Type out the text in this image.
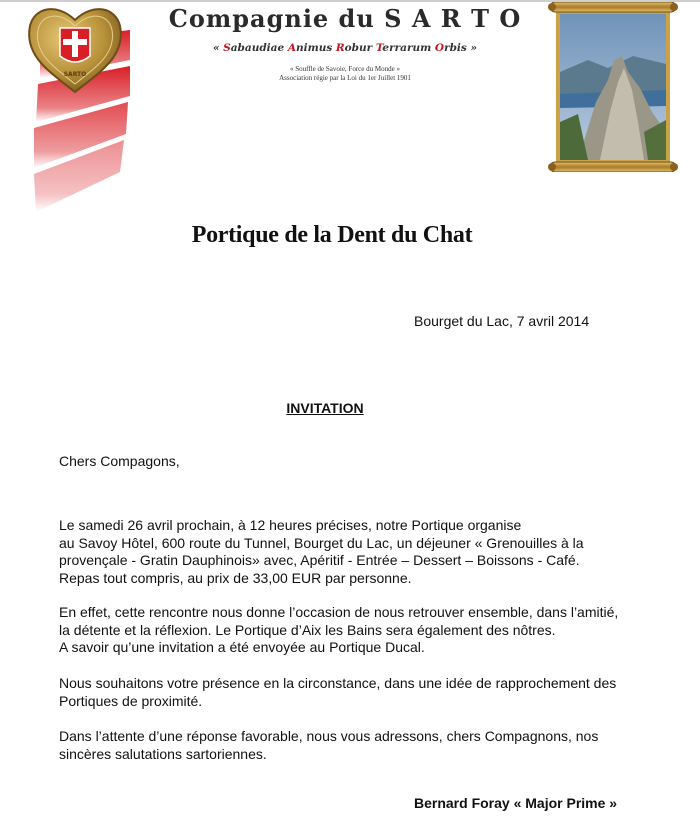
SARTO
Compagnie du S A R T O
« Sabaudiae Animus Robur Terrarum Orbis »
« Souffle de Savoie, Force du Monde »
Association régie par la Loi du 1er Juillet 1901
Portique de la Dent du Chat
Bourget du Lac, 7 avril 2014
INVITATION
Chers Compagons,
Le samedi 26 avril prochain, à 12 heures précises, notre Portique organise
au Savoy Hôtel, 600 route du Tunnel, Bourget du Lac, un déjeuner « Grenouilles à la
provençale - Gratin Dauphinois» avec, Apéritif - Entrée – Dessert – Boissons - Café.
Repas tout compris, au prix de 33,00 EUR par personne.
En effet, cette rencontre nous donne l’occasion de nous retrouver ensemble, dans l’amitié,
la détente et la réflexion. Le Portique d’Aix les Bains sera également des nôtres.
A savoir qu’une invitation a été envoyée au Portique Ducal.
Nous souhaitons votre présence en la circonstance, dans une idée de rapprochement des
Portiques de proximité.
Dans l’attente d’une réponse favorable, nous vous adressons, chers Compagnons, nos
sincères salutations sartoriennes.
Bernard Foray « Major Prime »
